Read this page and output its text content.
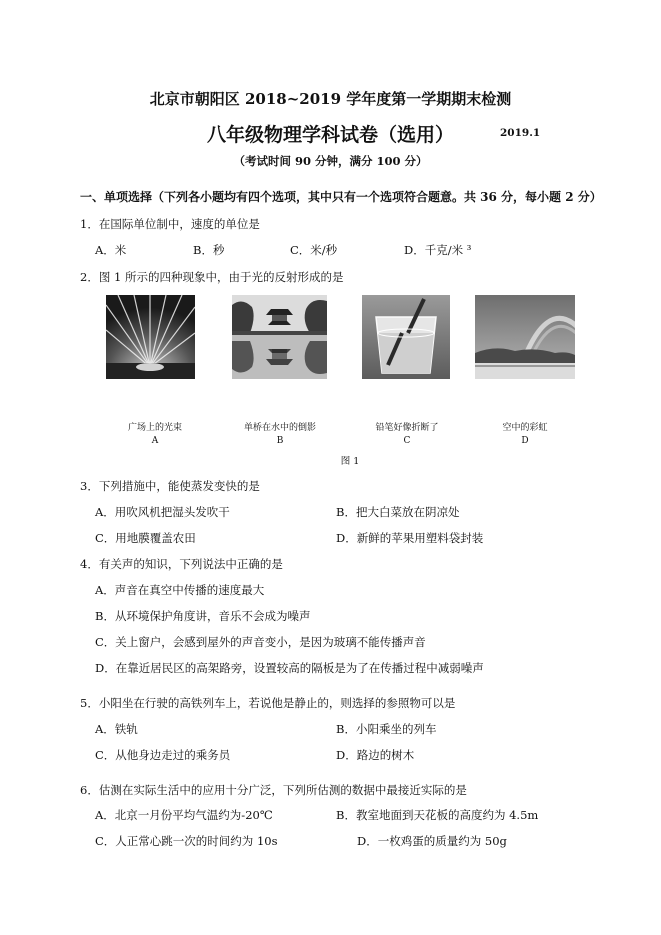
北京市朝阳区 2018~2019 学年度第一学期期末检测
八年级物理学科试卷（选用）	2019.1
（考试时间 90 分钟，满分 100 分）
一、单项选择（下列各小题均有四个选项，其中只有一个选项符合题意。共 36 分，每小题 2 分）
1．在国际单位制中，速度的单位是
A．米	B．秒	C．米/秒	D．千克/米 ³
2．图 1 所示的四种现象中，由于光的反射形成的是
广场上的光束
A
单桥在水中的倒影
B
铅笔好像折断了
C
空中的彩虹
D
图 1
3．下列措施中，能使蒸发变快的是
A．用吹风机把湿头发吹干	B．把大白菜放在阴凉处
C．用地膜覆盖农田	D．新鲜的苹果用塑料袋封装
4．有关声的知识，下列说法中正确的是
A．声音在真空中传播的速度最大
B．从环境保护角度讲，音乐不会成为噪声
C．关上窗户，会感到屋外的声音变小，是因为玻璃不能传播声音
D．在靠近居民区的高架路旁，设置较高的隔板是为了在传播过程中减弱噪声
5．小阳坐在行驶的高铁列车上，若说他是静止的，则选择的参照物可以是
A．铁轨	B．小阳乘坐的列车
C．从他身边走过的乘务员	D．路边的树木
6．估测在实际生活中的应用十分广泛，下列所估测的数据中最接近实际的是
A．北京一月份平均气温约为-20℃	B．教室地面到天花板的高度约为 4.5m
C．人正常心跳一次的时间约为 10s	D．一枚鸡蛋的质量约为 50g
